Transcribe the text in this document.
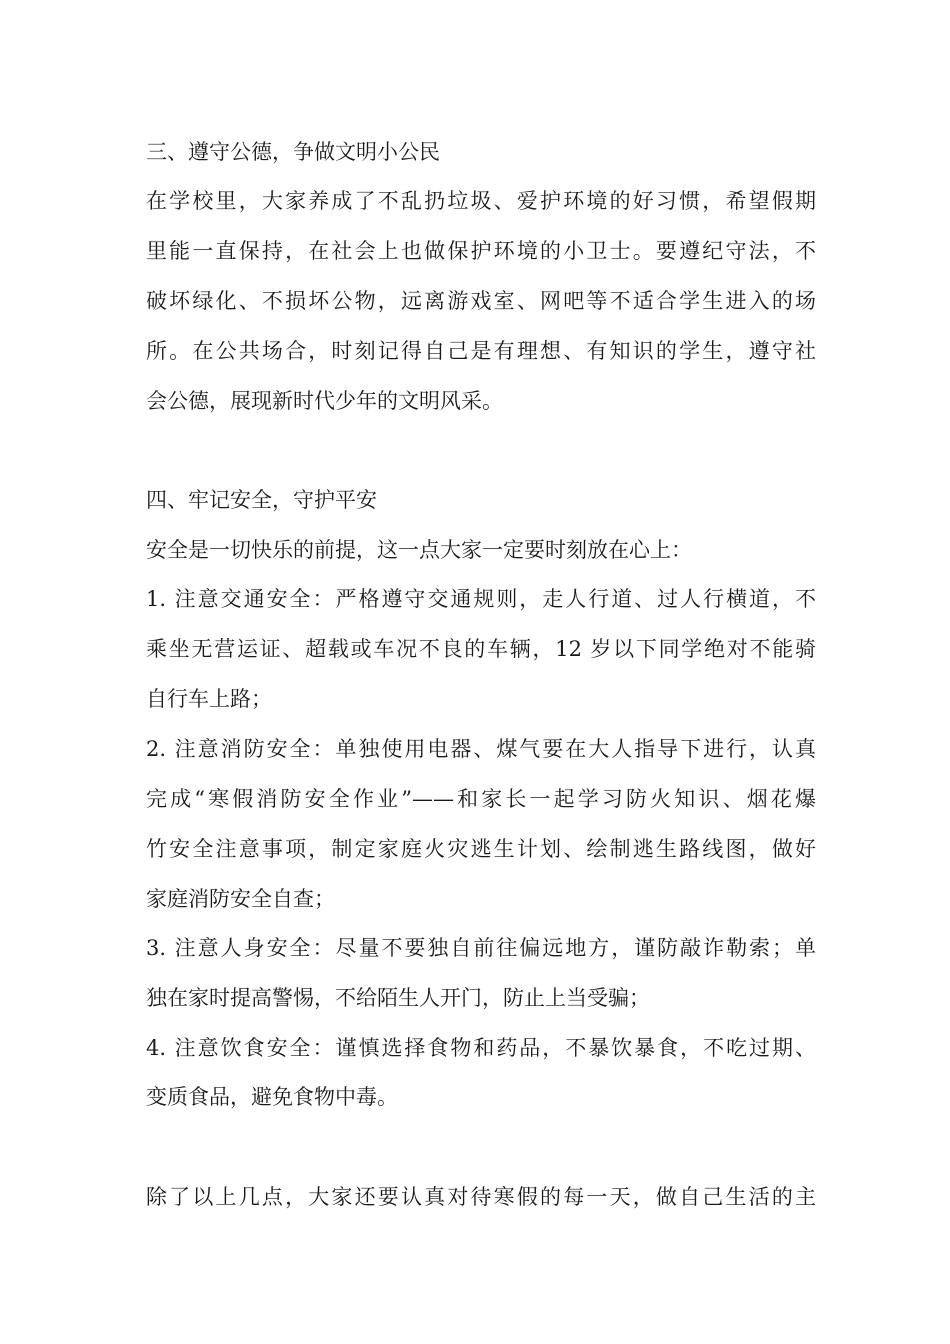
三、遵守公德，争做文明小公民
在学校里，大家养成了不乱扔垃圾、爱护环境的好习惯，希望假期
里能一直保持，在社会上也做保护环境的小卫士。要遵纪守法，不
破坏绿化、不损坏公物，远离游戏室、网吧等不适合学生进入的场
所。在公共场合，时刻记得自己是有理想、有知识的学生，遵守社
会公德，展现新时代少年的文明风采。
四、牢记安全，守护平安
安全是一切快乐的前提，这一点大家一定要时刻放在心上：
1. 注意交通安全：严格遵守交通规则，走人行道、过人行横道，不
乘坐无营运证、超载或车况不良的车辆，12 岁以下同学绝对不能骑
自行车上路；
2. 注意消防安全：单独使用电器、煤气要在大人指导下进行，认真
完成“寒假消防安全作业”——和家长一起学习防火知识、烟花爆
竹安全注意事项，制定家庭火灾逃生计划、绘制逃生路线图，做好
家庭消防安全自查；
3. 注意人身安全：尽量不要独自前往偏远地方，谨防敲诈勒索；单
独在家时提高警惕，不给陌生人开门，防止上当受骗；
4. 注意饮食安全：谨慎选择食物和药品，不暴饮暴食，不吃过期、
变质食品，避免食物中毒。
除了以上几点，大家还要认真对待寒假的每一天，做自己生活的主
